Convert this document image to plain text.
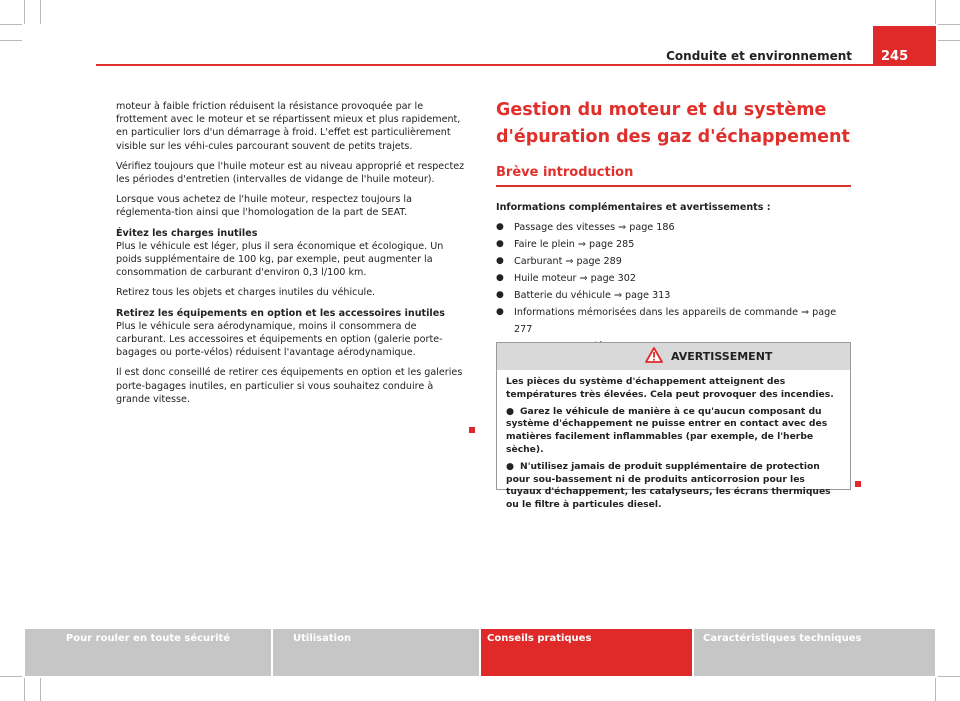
Conduite et environnement	245

moteur à faible friction réduisent la résistance provoquée par le frottement avec le moteur et se répartissent mieux et plus rapidement, en particulier lors d'un démarrage à froid. L'effet est particulièrement visible sur les véhi-cules parcourant souvent de petits trajets.

Vérifiez toujours que l'huile moteur est au niveau approprié et respectez les périodes d'entretien (intervalles de vidange de l'huile moteur).

Lorsque vous achetez de l'huile moteur, respectez toujours la réglementa-tion ainsi que l'homologation de la part de SEAT.

Évitez les charges inutiles

Plus le véhicule est léger, plus il sera économique et écologique. Un poids supplémentaire de 100 kg, par exemple, peut augmenter la consommation de carburant d'environ 0,3 l/100 km.

Retirez tous les objets et charges inutiles du véhicule.

Retirez les équipements en option et les accessoires inutiles

Plus le véhicule sera aérodynamique, moins il consommera de carburant. Les accessoires et équipements en option (galerie porte-bagages ou porte-vélos) réduisent l'avantage aérodynamique.

Il est donc conseillé de retirer ces équipements en option et les galeries porte-bagages inutiles, en particulier si vous souhaitez conduire à grande vitesse.

Gestion du moteur et du système d'épuration des gaz d'échappement
Brève introduction
Informations complémentaires et avertissements :
●	Passage des vitesses ⇒ page 186
●	Faire le plein ⇒ page 285
●	Carburant ⇒ page 289
●	Huile moteur ⇒ page 302
●	Batterie du véhicule ⇒ page 313
●	Informations mémorisées dans les appareils de commande ⇒ page 277
AVERTISSEMENT

Les pièces du système d'échappement atteignent des températures très élevées. Cela peut provoquer des incendies.

● Garez le véhicule de manière à ce qu'aucun composant du système d'échappement ne puisse entrer en contact avec des matières facilement inflammables (par exemple, de l'herbe sèche).

● N'utilisez jamais de produit supplémentaire de protection pour sou-bassement ni de produits anticorrosion pour les tuyaux d'échappement, les catalyseurs, les écrans thermiques ou le filtre à particules diesel.

Pour rouler en toute sécurité	Utilisation	Conseils pratiques	Caractéristiques techniques
